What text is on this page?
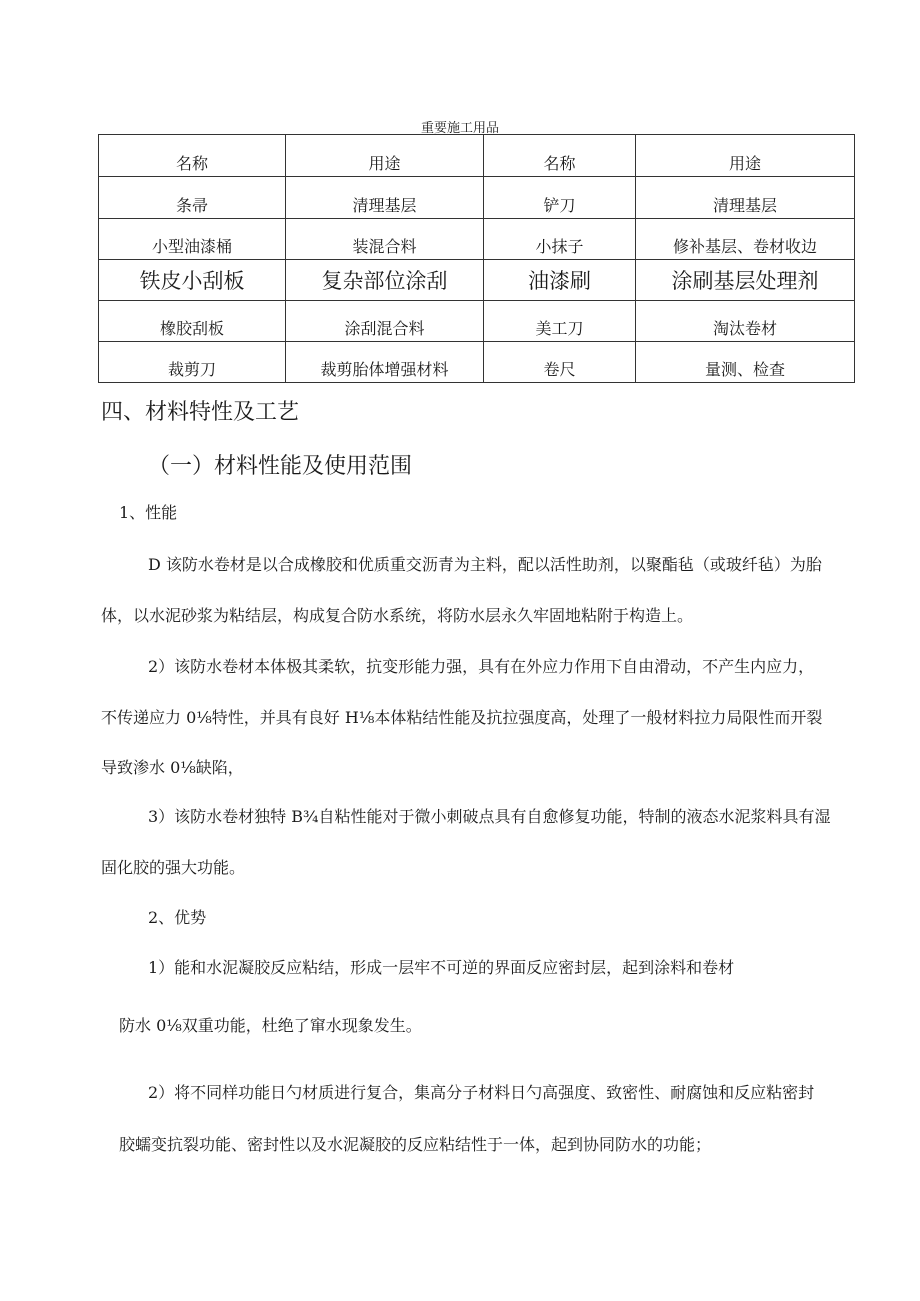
重要施工用品
名称	用途	名称	用途
条帚	清理基层	铲刀	清理基层
小型油漆桶	装混合料	小抹子	修补基层、卷材收边
铁皮小刮板	复杂部位涂刮	油漆刷	涂刷基层处理剂
橡胶刮板	涂刮混合料	美工刀	淘汰卷材
裁剪刀	裁剪胎体增强材料	卷尺	量测、检查
四、材料特性及工艺
（一）材料性能及使用范围
1、性能
D 该防水卷材是以合成橡胶和优质重交沥青为主料，配以活性助剂，以聚酯毡（或玻纤毡）为胎
体，以水泥砂浆为粘结层，构成复合防水系统，将防水层永久牢固地粘附于构造上。
2）该防水卷材本体极其柔软，抗变形能力强，具有在外应力作用下自由滑动，不产生内应力，
不传递应力 0⅛特性，并具有良好 H⅛本体粘结性能及抗拉强度高，处理了一般材料拉力局限性而开裂
导致渗水 0⅛缺陷，
3）该防水卷材独特 B¾自粘性能对于微小刺破点具有自愈修复功能，特制的液态水泥浆料具有湿
固化胶的强大功能。
2、优势
1）能和水泥凝胶反应粘结，形成一层牢不可逆的界面反应密封层，起到涂料和卷材
防水 0⅛双重功能，杜绝了窜水现象发生。
2）将不同样功能日勺材质进行复合，集高分子材料日勺高强度、致密性、耐腐蚀和反应粘密封
胶蠕变抗裂功能、密封性以及水泥凝胶的反应粘结性于一体，起到协同防水的功能；
